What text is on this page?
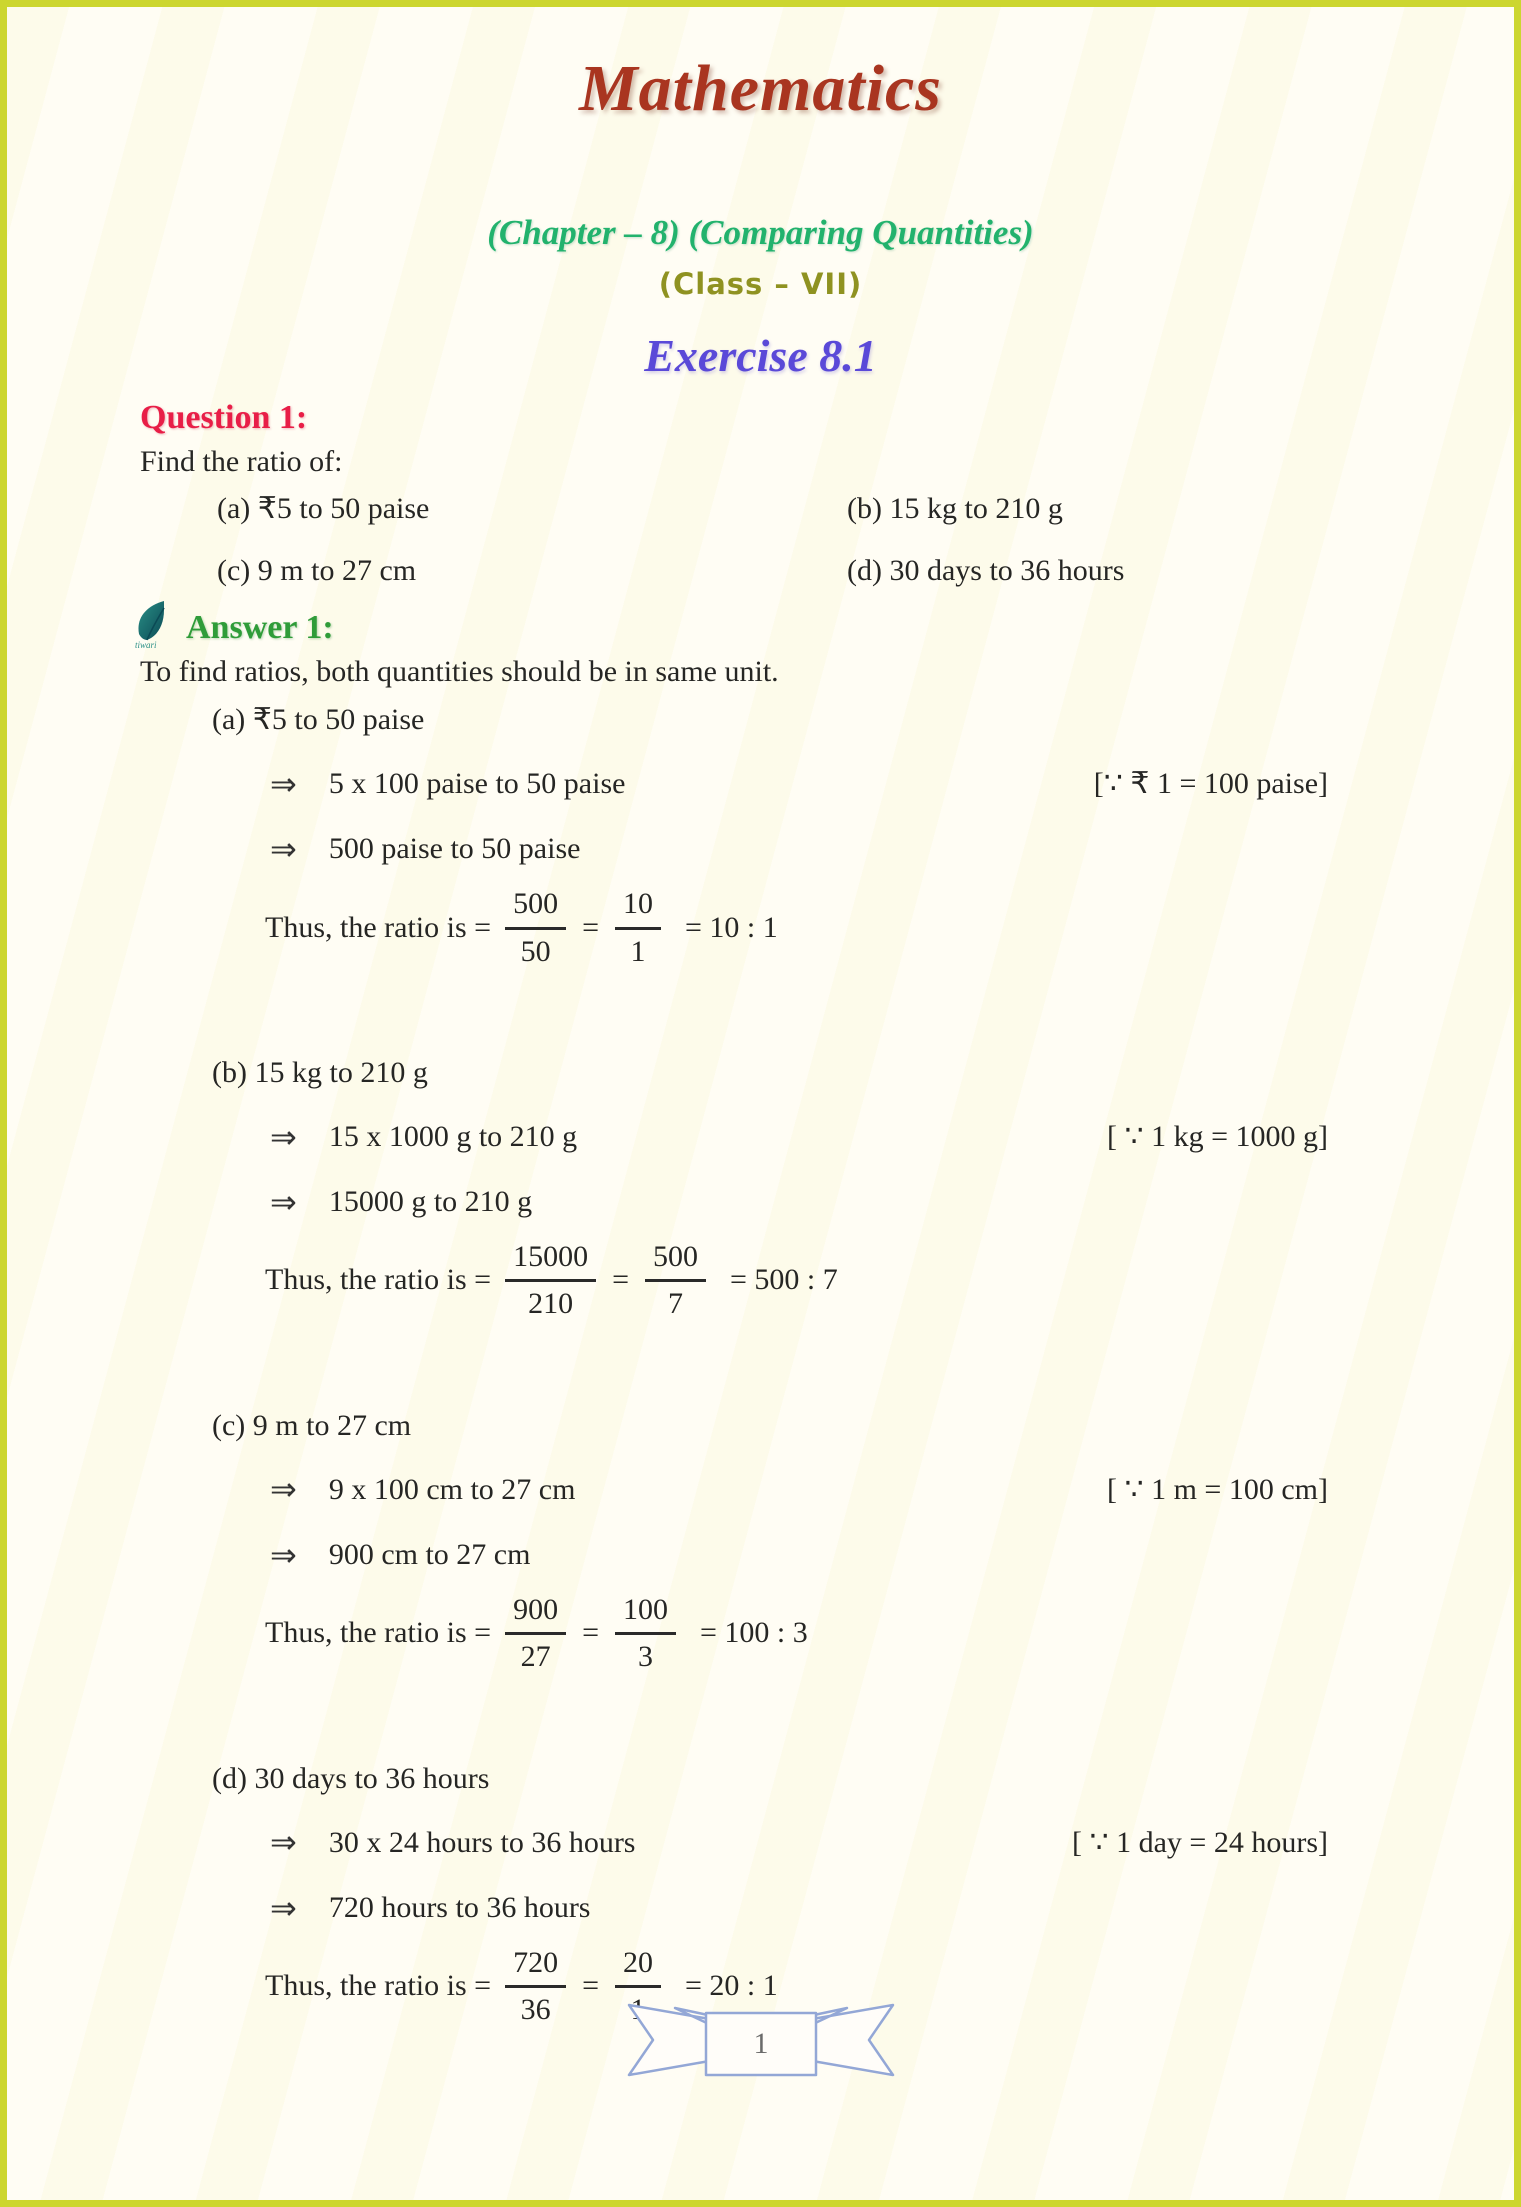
Mathematics
(Chapter – 8) (Comparing Quantities)
(Class – VII)
Exercise 8.1
Question 1:
Find the ratio of:
(a) ₹5 to 50 paise	(b) 15 kg to 210 g
(c) 9 m to 27 cm	(d) 30 days to 36 hours
tiwari Answer 1:
To find ratios, both quantities should be in same unit.
(a) ₹5 to 50 paise
⇒ 5 x 100 paise to 50 paise	[∵ ₹ 1 = 100 paise]
⇒ 500 paise to 50 paise
Thus, the ratio is = $\frac{500}{50} = \frac{10}{1} = 10$ : 1
(b) 15 kg to 210 g
⇒ 15 x 1000 g to 210 g	[ ∵ 1 kg = 1000 g]
⇒ 15000 g to 210 g
Thus, the ratio is = $\frac{15000}{210} = \frac{500}{7} = 500$ : 7
(c) 9 m to 27 cm
⇒ 9 x 100 cm to 27 cm	[ ∵ 1 m = 100 cm]
⇒ 900 cm to 27 cm
Thus, the ratio is = $\frac{900}{27} = \frac{100}{3} = 100$ : 3
(d) 30 days to 36 hours
⇒ 30 x 24 hours to 36 hours	[ ∵ 1 day = 24 hours]
⇒ 720 hours to 36 hours
Thus, the ratio is = $\frac{720}{36}$ =
20
= 20 : 1
1
